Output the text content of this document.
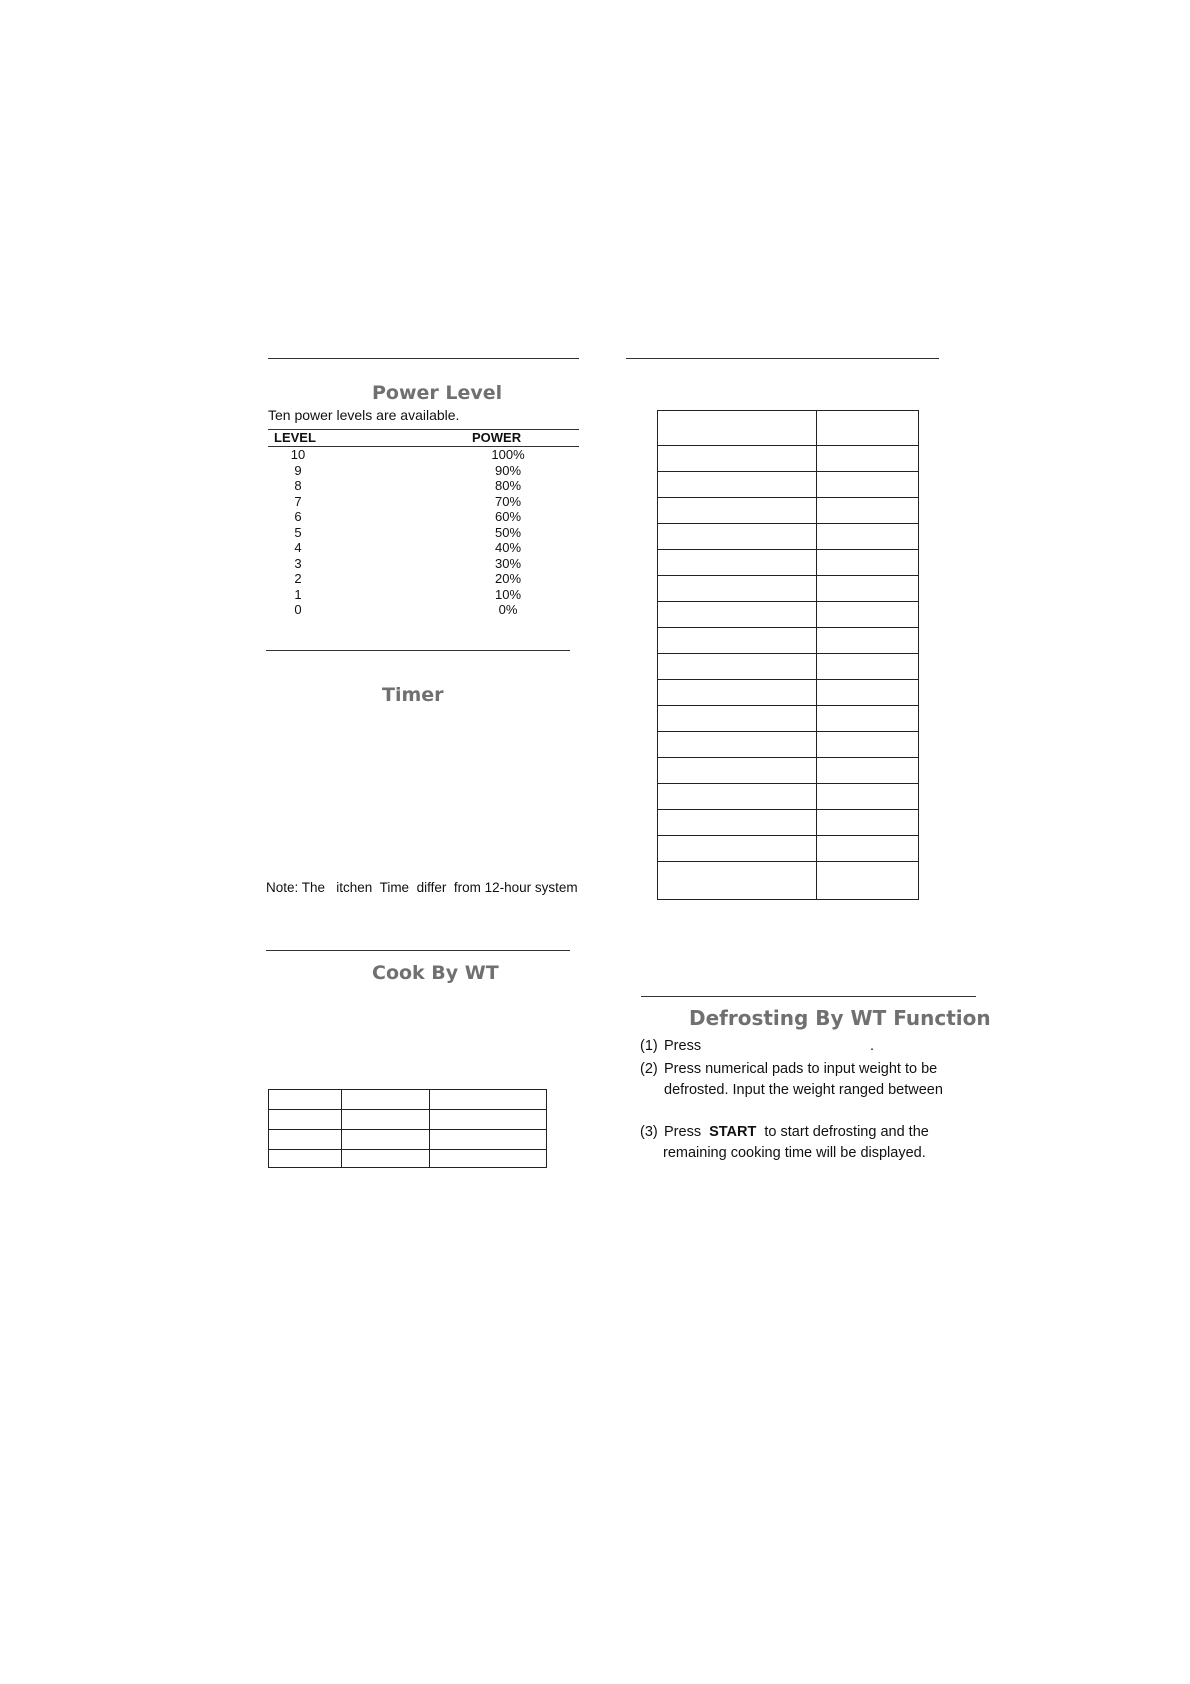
Power Level
Ten power levels are available.
LEVEL	POWER
10	100%
9	90%
8	80%
7	70%
6	60%
5	50%
4	40%
3	30%
2	20%
1	10%
0	0%
Timer
Note: The   itchen  Time  differ  from 12-hour system
Cook By WT

Defrosting By WT Function
(1) Press	.
(2) Press numerical pads to input weight to be
defrosted. Input the weight ranged between
(3) Press START to start defrosting and the
remaining cooking time will be displayed.
